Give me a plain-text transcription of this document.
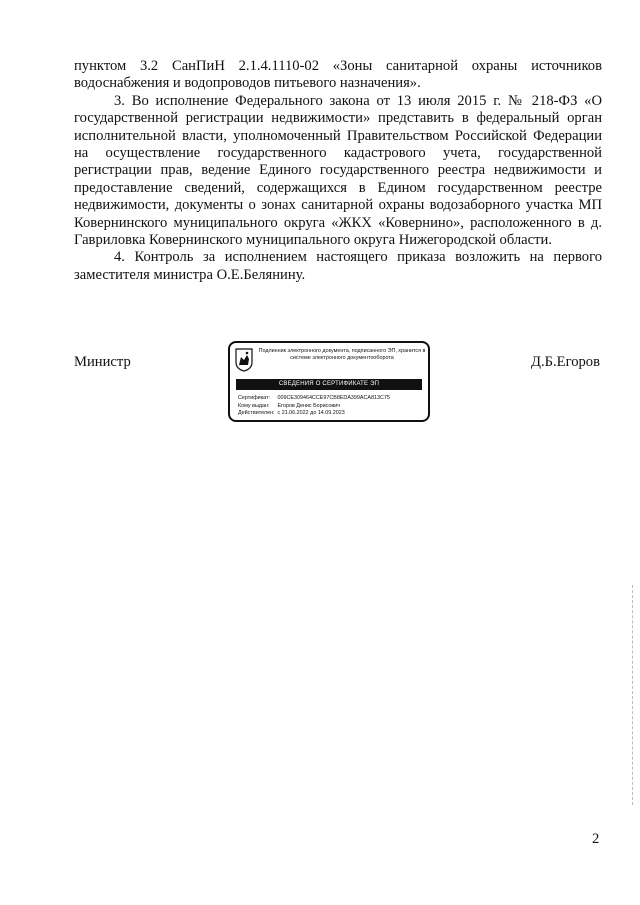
пунктом 3.2 СанПиН 2.1.4.1110-02 «Зоны санитарной охраны источников водоснабжения и водопроводов питьевого назначения».

3. Во исполнение Федерального закона от 13 июля 2015 г. № 218-ФЗ «О государственной регистрации недвижимости» представить в федеральный орган исполнительной власти, уполномоченный Правительством Российской Федерации на осуществление государственного кадастрового учета, государственной регистрации прав, ведение Единого государственного реестра недвижимости и предоставление сведений, содержащихся в Едином государственном реестре недвижимости, документы о зонах санитарной охраны водозаборного участка МП Ковернинского муниципального округа «ЖКХ «Ковернино», расположенного в д. Гавриловка Ковернинского муниципального округа Нижегородской области.

4. Контроль за исполнением настоящего приказа возложить на первого заместителя министра О.Е.Белянину.

Министр
Подлинник электронного документа, подписанного ЭП, хранится в системе электронного документооборота
СВЕДЕНИЯ О СЕРТИФИКАТЕ ЭП
Сертификат: 009CE309464CCE97CB8EDA399ACA813C75
Кому выдан: Егоров Денис Борисович
Действителен: с 21.06.2022 до 14.09.2023
Д.Б.Егоров
2
